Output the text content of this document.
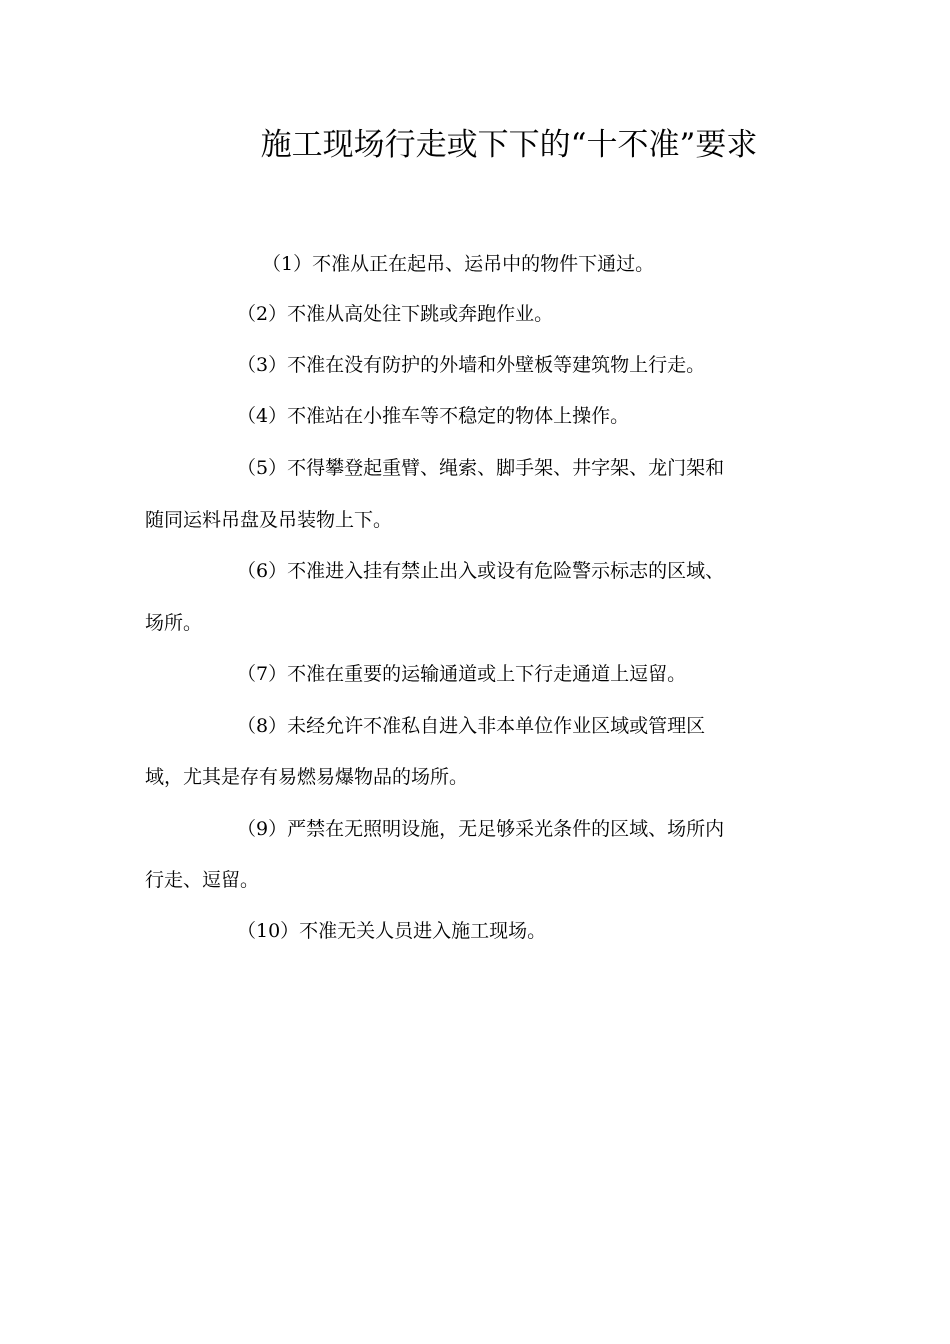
施工现场行走或下下的“十不准”要求
（1）不准从正在起吊、运吊中的物件下通过。
（2）不准从高处往下跳或奔跑作业。
（3）不准在没有防护的外墙和外壁板等建筑物上行走。
（4）不准站在小推车等不稳定的物体上操作。
（5）不得攀登起重臂、绳索、脚手架、井字架、龙门架和
随同运料吊盘及吊装物上下。
（6）不准进入挂有禁止出入或设有危险警示标志的区域、
场所。
（7）不准在重要的运输通道或上下行走通道上逗留。
（8）未经允许不准私自进入非本单位作业区域或管理区
域，尤其是存有易燃易爆物品的场所。
（9）严禁在无照明设施，无足够采光条件的区域、场所内
行走、逗留。
（10）不准无关人员进入施工现场。
